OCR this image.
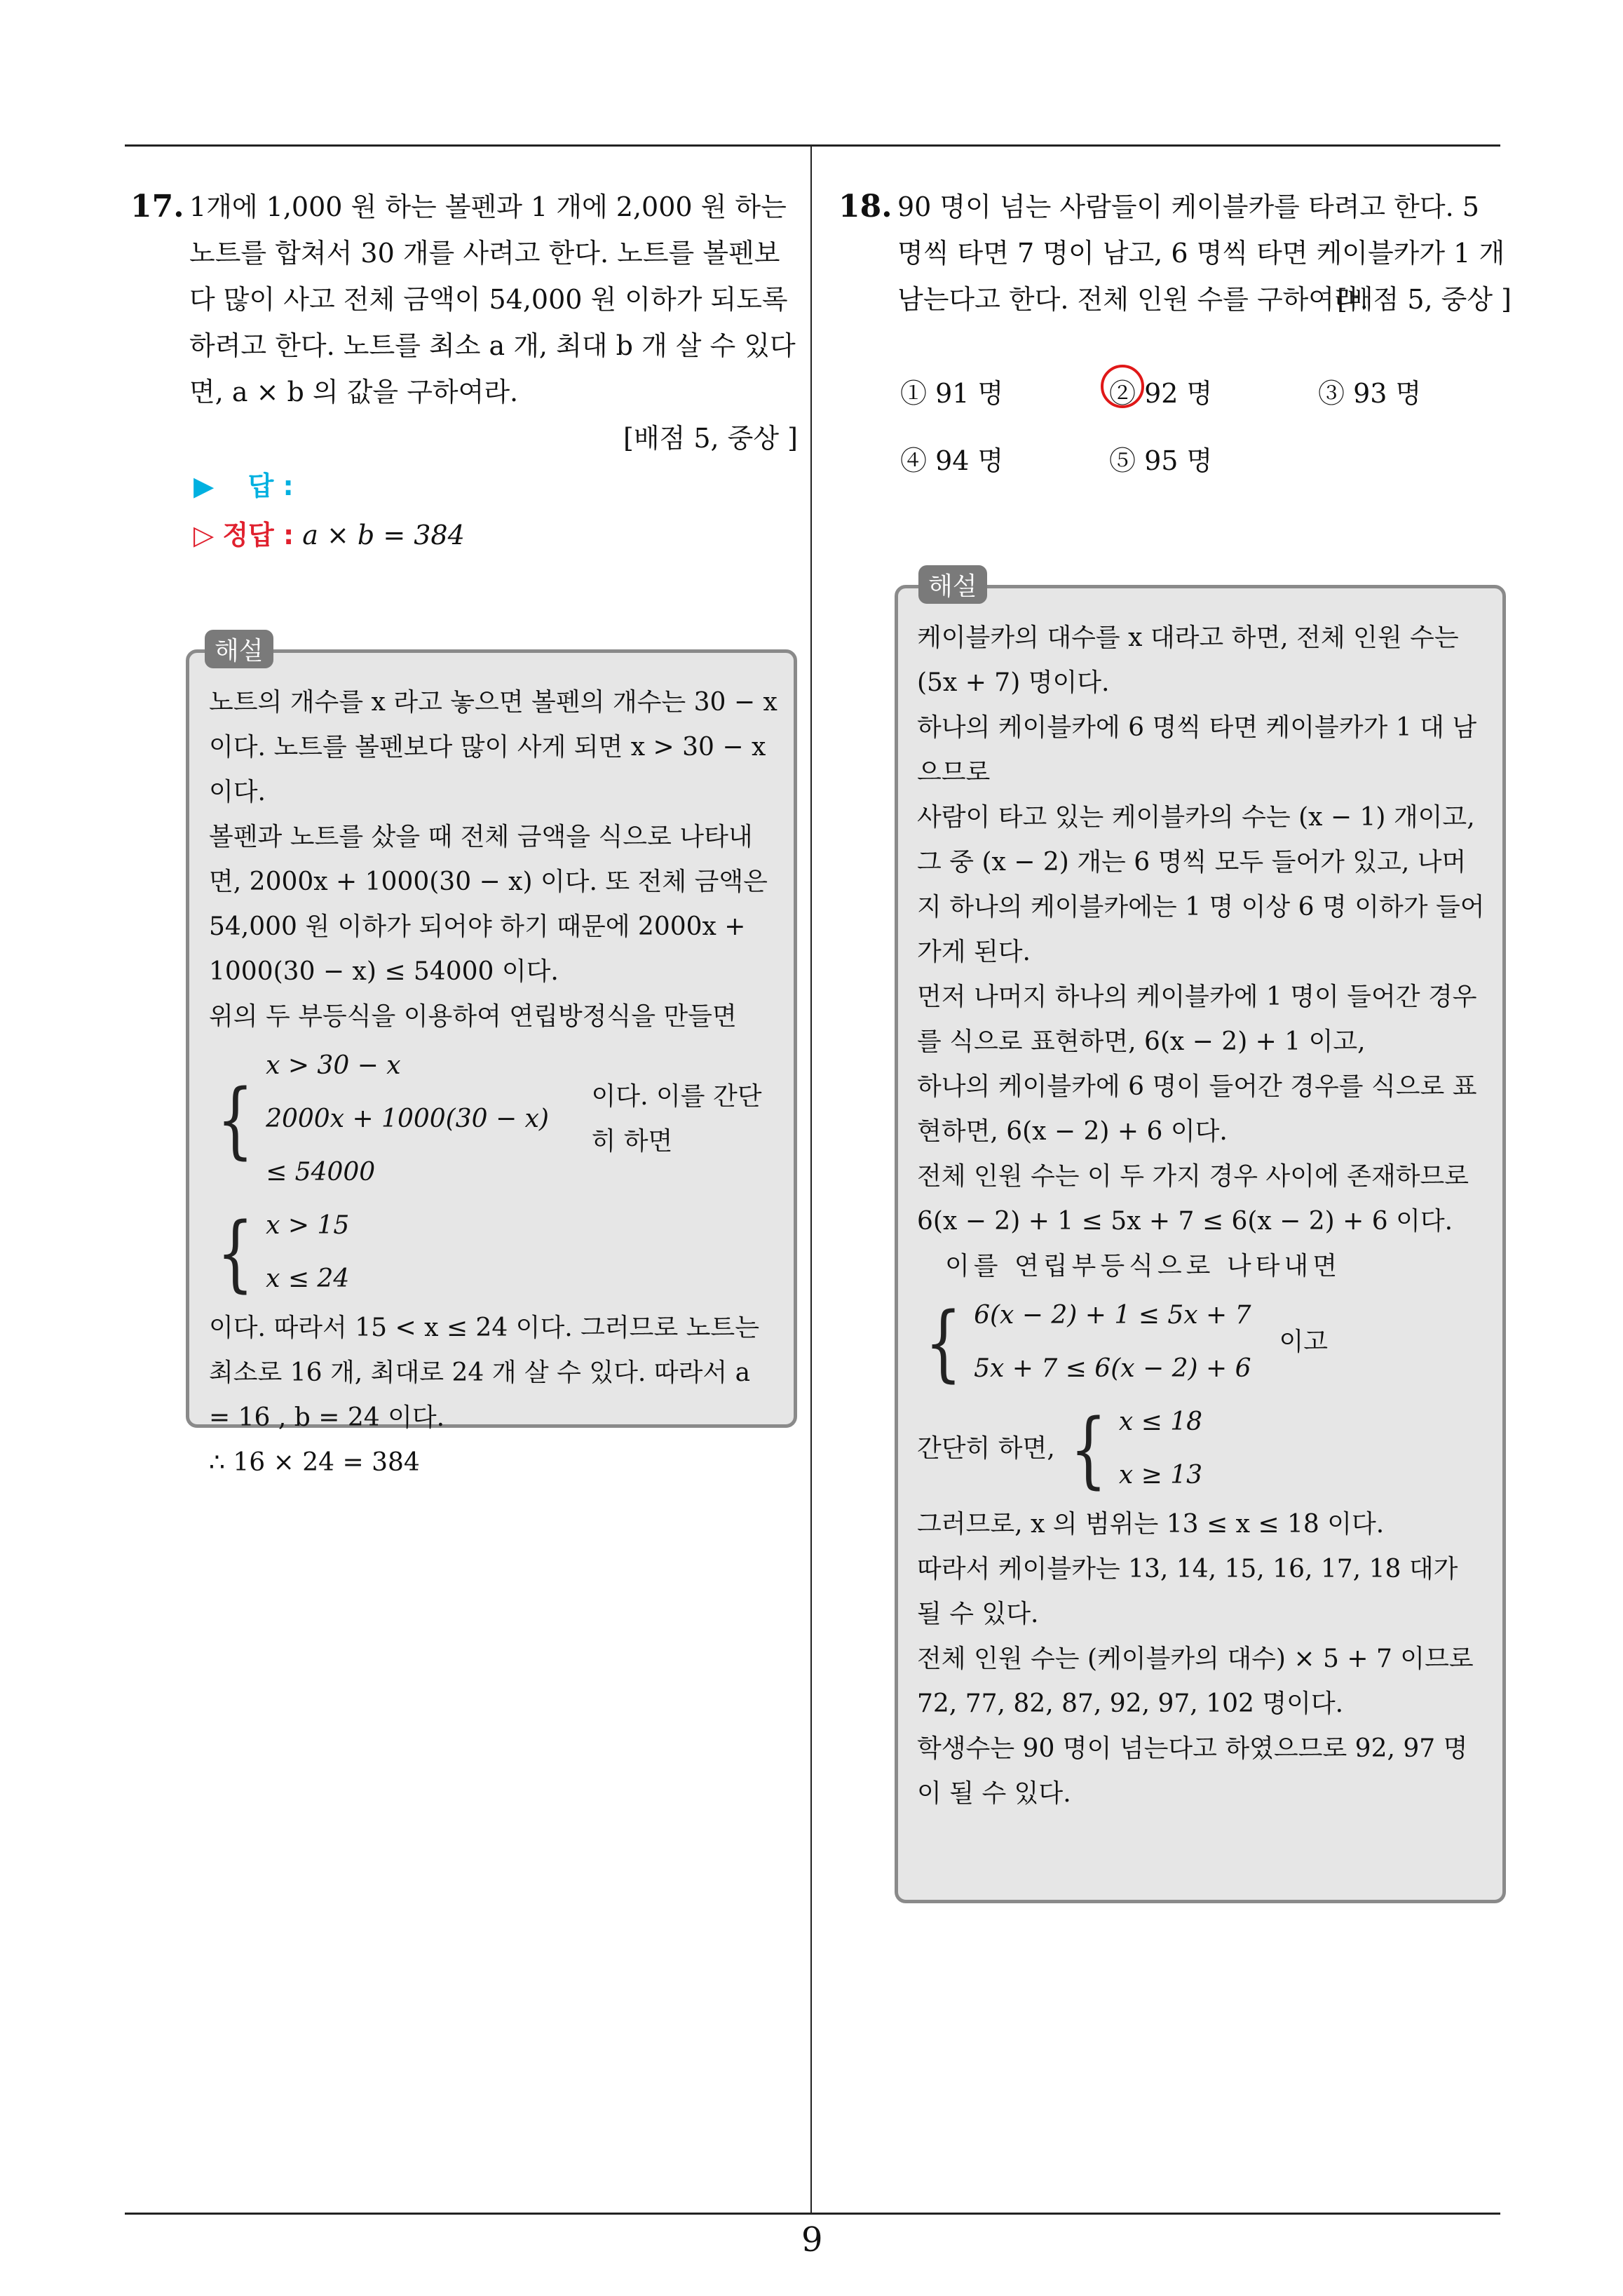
17. 1개에 1,000 원 하는 볼펜과 1 개에 2,000 원 하는 노트를 합쳐서 30 개를 사려고 한다. 노트를 볼펜보다 많이 사고 전체 금액이 54,000 원 이하가 되도록 하려고 한다. 노트를 최소 a 개, 최대 b 개 살 수 있다면, a × b 의 값을 구하여라.
[배점 5, 중상 ]
▶ 답 :
▷ 정답 : a × b = 384
해설

노트의 개수를 x 라고 놓으면 볼펜의 개수는 30 − x 이다. 노트를 볼펜보다 많이 사게 되면 x > 30 − x 이다.

볼펜과 노트를 샀을 때 전체 금액을 식으로 나타내면, 2000x + 1000(30 − x) 이다. 또 전체 금액은 54,000 원 이하가 되어야 하기 때문에 2000x + 1000(30 − x) ≤ 54000 이다.

위의 두 부등식을 이용하여 연립방정식을 만들면

{
x > 30 − x
2000x + 1000(30 − x) ≤ 54000
이다. 이를 간단히 하면
{ x > 15
x ≤ 24

이다. 따라서 15 < x ≤ 24 이다. 그러므로 노트는 최소로 16 개, 최대로 24 개 살 수 있다. 따라서 a = 16 , b = 24 이다.

∴ 16 × 24 = 384

18. 90 명이 넘는 사람들이 케이블카를 타려고 한다. 5 명씩 타면 7 명이 남고, 6 명씩 타면 케이블카가 1 개 남는다고 한다. 전체 인원 수를 구하여라.
[배점 5, 중상 ]
① 91 명	② 92 명	③ 93 명
④ 94 명	⑤ 95 명
해설

케이블카의 대수를 x 대라고 하면, 전체 인원 수는 (5x + 7) 명이다.

하나의 케이블카에 6 명씩 타면 케이블카가 1 대 남으므로

사람이 타고 있는 케이블카의 수는 (x − 1) 개이고, 그 중 (x − 2) 개는 6 명씩 모두 들어가 있고, 나머지 하나의 케이블카에는 1 명 이상 6 명 이하가 들어가게 된다.

먼저 나머지 하나의 케이블카에 1 명이 들어간 경우를 식으로 표현하면, 6(x − 2) + 1 이고,

하나의 케이블카에 6 명이 들어간 경우를 식으로 표현하면, 6(x − 2) + 6 이다.

전체 인원 수는 이 두 가지 경우 사이에 존재하므로

6(x − 2) + 1 ≤ 5x + 7 ≤ 6(x − 2) + 6 이다.

이를 연립부등식으로 나타내면

{ 6(x − 2) + 1 ≤ 5x + 7
5x + 7 ≤ 6(x − 2) + 6
이고
간단히 하면, { x ≤ 18
x ≥ 13

그러므로, x 의 범위는 13 ≤ x ≤ 18 이다.

따라서 케이블카는 13, 14, 15, 16, 17, 18 대가 될 수 있다.

전체 인원 수는 (케이블카의 대수) × 5 + 7 이므로 72, 77, 82, 87, 92, 97, 102 명이다.

학생수는 90 명이 넘는다고 하였으므로 92, 97 명이 될 수 있다.

9
